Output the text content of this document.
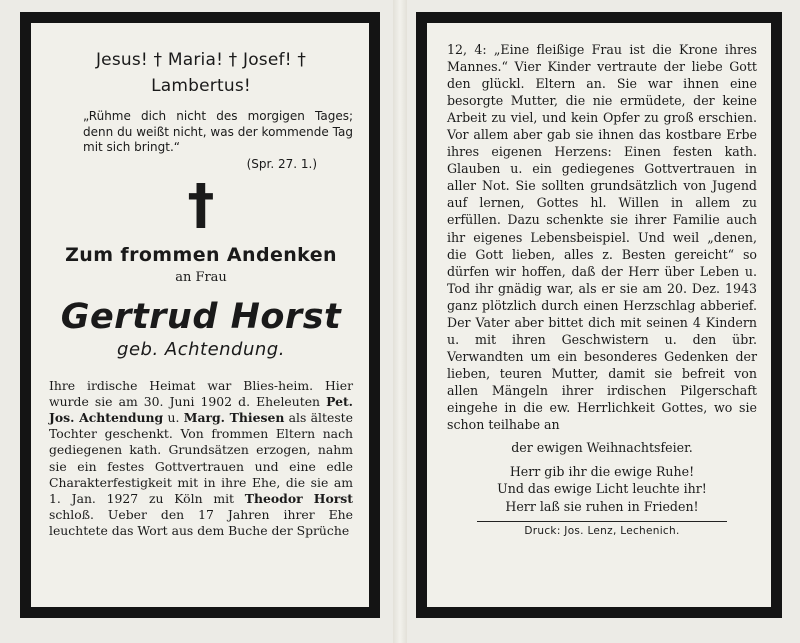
Jesus! † Maria! † Josef! †
Lambertus!
„Rühme dich nicht des morgigen Tages; denn du weißt nicht, was der kommende Tag mit sich bringt.“
(Spr. 27. 1.)
†
Zum frommen Andenken
an Frau
Gertrud Horst
geb. Achtendung.
Ihre irdische Heimat war Blies-heim. Hier wurde sie am 30. Juni 1902 d. Eheleuten Pet. Jos. Achtendung u. Marg. Thiesen als älteste Tochter geschenkt. Von frommen Eltern nach gediegenen kath. Grundsätzen erzogen, nahm sie ein festes Gottvertrauen und eine edle Charakterfestigkeit mit in ihre Ehe, die sie am 1. Jan. 1927 zu Köln mit Theodor Horst schloß. Ueber den 17 Jahren ihrer Ehe leuchtete das Wort aus dem Buche der Sprüche
12, 4: „Eine fleißige Frau ist die Krone ihres Mannes.“ Vier Kinder vertraute der liebe Gott den glückl. Eltern an. Sie war ihnen eine besorgte Mutter, die nie ermüdete, der keine Arbeit zu viel, und kein Opfer zu groß erschien. Vor allem aber gab sie ihnen das kostbare Erbe ihres eigenen Herzens: Einen festen kath. Glauben u. ein gediegenes Gottvertrauen in aller Not. Sie sollten grundsätzlich von Jugend auf lernen, Gottes hl. Willen in allem zu erfüllen. Dazu schenkte sie ihrer Familie auch ihr eigenes Lebensbeispiel. Und weil „denen, die Gott lieben, alles z. Besten gereicht“ so dürfen wir hoffen, daß der Herr über Leben u. Tod ihr gnädig war, als er sie am 20. Dez. 1943 ganz plötzlich durch einen Herzschlag abberief. Der Vater aber bittet dich mit seinen 4 Kindern u. mit ihren Geschwistern u. den übr. Verwandten um ein besonderes Gedenken der lieben, teuren Mutter, damit sie befreit von allen Mängeln ihrer irdischen Pilgerschaft eingehe in die ew. Herrlichkeit Gottes, wo sie schon teilhabe an
der ewigen Weihnachtsfeier.
Herr gib ihr die ewige Ruhe!
Und das ewige Licht leuchte ihr!
Herr laß sie ruhen in Frieden!
Druck: Jos. Lenz, Lechenich.
